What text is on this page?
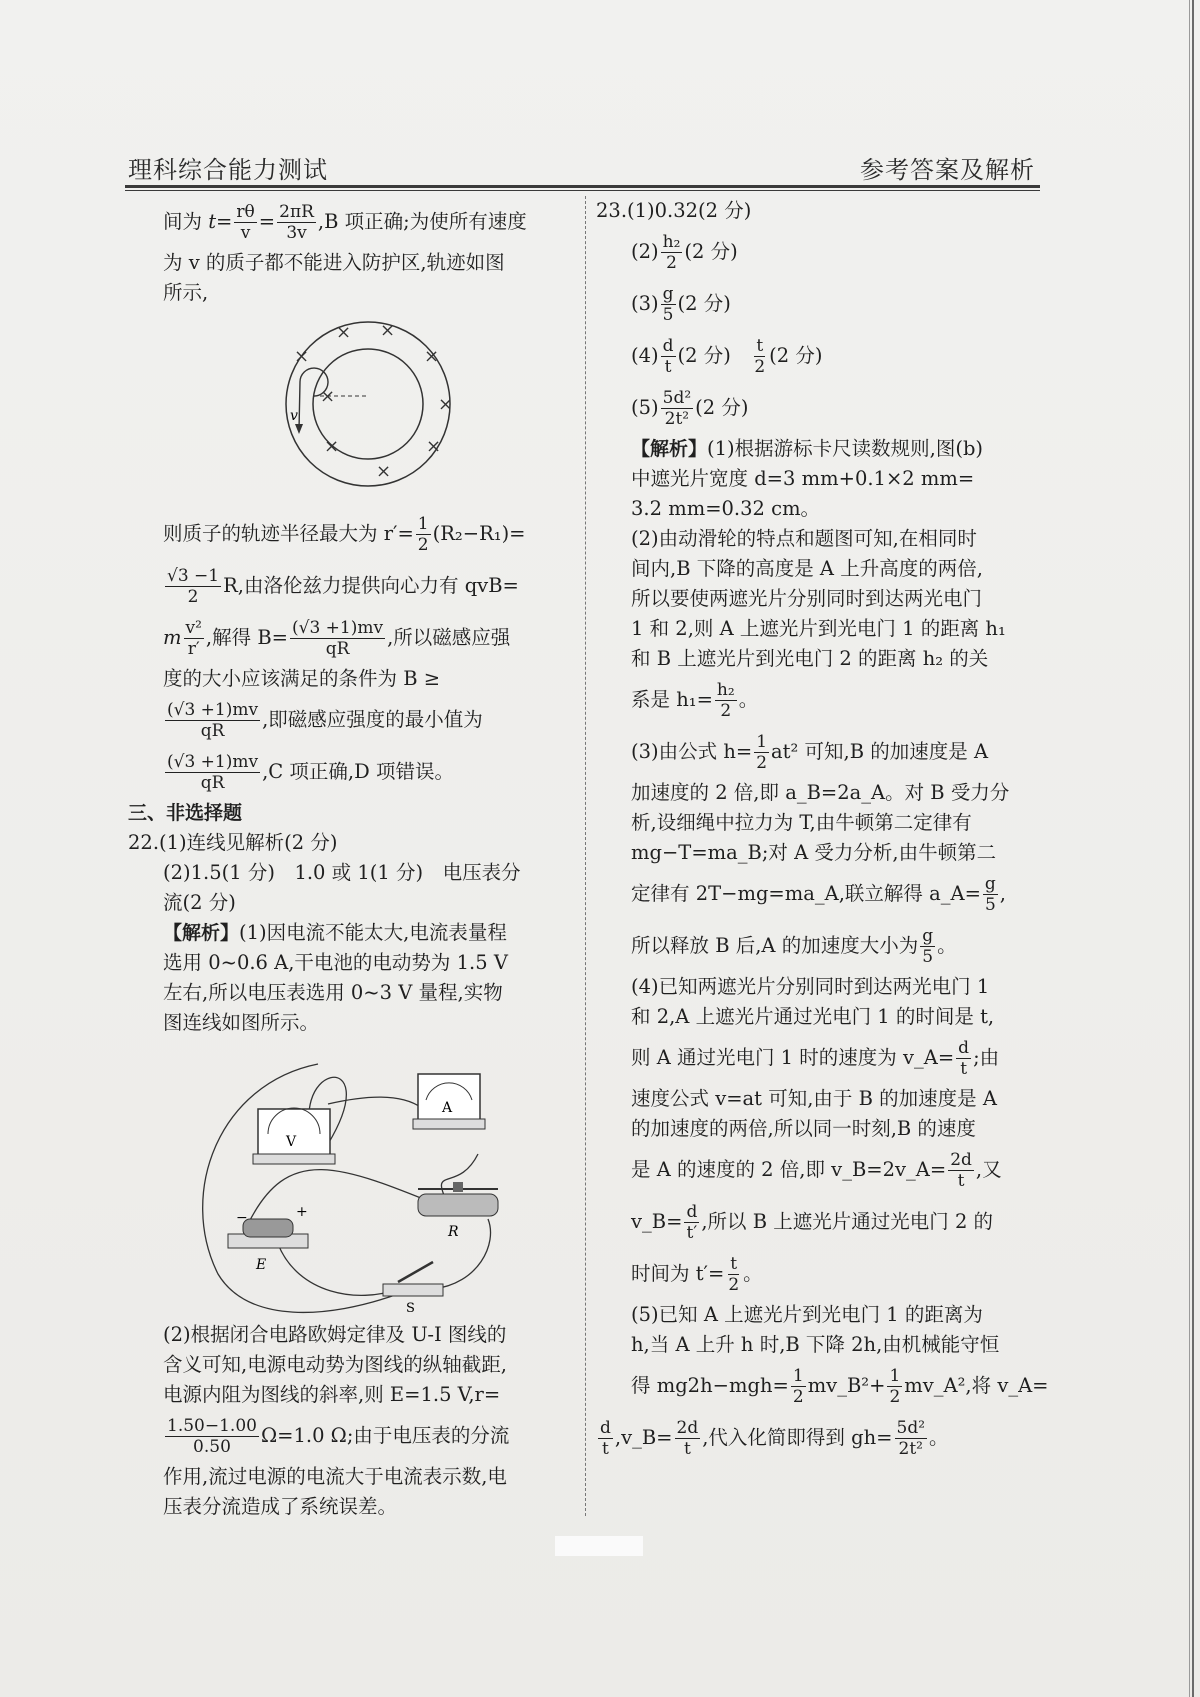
理科综合能力测试	参考答案及解析
间为 $t= \frac{r\theta}{v} = \frac{2\pi R}{3v} ,B$ 项正确;为使所有速度
为 v 的质子都不能进入防护区,轨迹如图
所示,
v
× ×
×	×
×	×
×	×
×
则质子的轨迹半径最大为 $r'= \frac{1}{2} (R_2-R_1)=$
$\frac{√3 -1}{2} R$,由洛伦兹力提供向心力有 qvB=
m $\frac{\text{v²}}{r'}$ ,解得 $B= \frac{(√3 +1)mv}{qR}$ ,所以磁感应强
度的大小应该满足的条件为 B ≥
$\frac{(√3 +1)mv}{qR}$ ,即磁感应强度的最小值为
$\frac{(√3 +1)mv}{qR} ,C$ 项正确,D 项错误。
三、非选择题
22.(1)连线见解析(2 分)
(2)1.5(1 分)　1.0 或 1(1 分)　电压表分
流(2 分)
【解析】(1)因电流不能太大,电流表量程
选用 0~0.6 A,干电池的电动势为 1.5 V
左右,所以电压表选用 0~3 V 量程,实物
图连线如图所示。
V
A
R
−	+
E
S
(2)根据闭合电路欧姆定律及 U-I 图线的
含义可知,电源电动势为图线的纵轴截距,
电源内阻为图线的斜率,则 E=1.5 V,r=
$\frac{1.50-1.00}{0.50} \Omega=1.0$ Ω;由于电压表的分流
作用,流过电源的电流大于电流表示数,电
压表分流造成了系统误差。
23.(1)0.32(2 分)
$(2) \frac{\text{h₂}}{2} (2$ 分)
$(3) \frac{g}{5} (2$ 分)
$(4) \frac{d}{t} (2$ 分)　 $\frac{t}{2} (2$ 分)
$(5) \frac{\text{5d²}}{\text{2t²}} (2$ 分)
【解析】(1)根据游标卡尺读数规则,图(b)
中遮光片宽度 d=3 mm+0.1×2 mm=
3.2 mm=0.32 cm。
(2)由动滑轮的特点和题图可知,在相同时
间内,B 下降的高度是 A 上升高度的两倍,
所以要使两遮光片分别同时到达两光电门
1 和 2,则 A 上遮光片到光电门 1 的距离 h₁
和 B 上遮光片到光电门 2 的距离 h₂ 的关
系是 $h_1= \frac{\text{h₂}}{2}$ 。
(3)由公式 $h= \frac{1}{2} at^2$ 可知,B 的加速度是 A
加速度的 2 倍,即 a_B=2a_A。对 B 受力分
析,设细绳中拉力为 T,由牛顿第二定律有
mg−T=ma_B;对 A 受力分析,由牛顿第二
定律有 2T−mg=ma_A,联立解得 a_A= $\frac{g}{5}$ ,
所以释放 B 后,A 的加速度大小为 $\frac{g}{5}$ 。
(4)已知两遮光片分别同时到达两光电门 1
和 2,A 上遮光片通过光电门 1 的时间是 t,
则 A 通过光电门 1 时的速度为 v_A= $\frac{d}{t}$ ;由
速度公式 v=at 可知,由于 B 的加速度是 A
的加速度的两倍,所以同一时刻,B 的速度
是 A 的速度的 2 倍,即 v_B=2v_A= $\frac{2d}{t}$ ,又
v_B= $\frac{d}{t'}$ ,所以 B 上遮光片通过光电门 2 的
时间为 $t'= \frac{t}{2}$ 。
(5)已知 A 上遮光片到光电门 1 的距离为
h,当 A 上升 h 时,B 下降 2h,由机械能守恒
得 $mg2h-mgh= \frac{1}{2}$ mv_B²+ $\frac{1}{2}$ mv_A²,将 v_A=
$\frac{d}{t}$ ,v_B= $\frac{2d}{t}$ ,代入化简即得到 $gh= \frac{\text{5d²}}{\text{2t²}}$ 。
